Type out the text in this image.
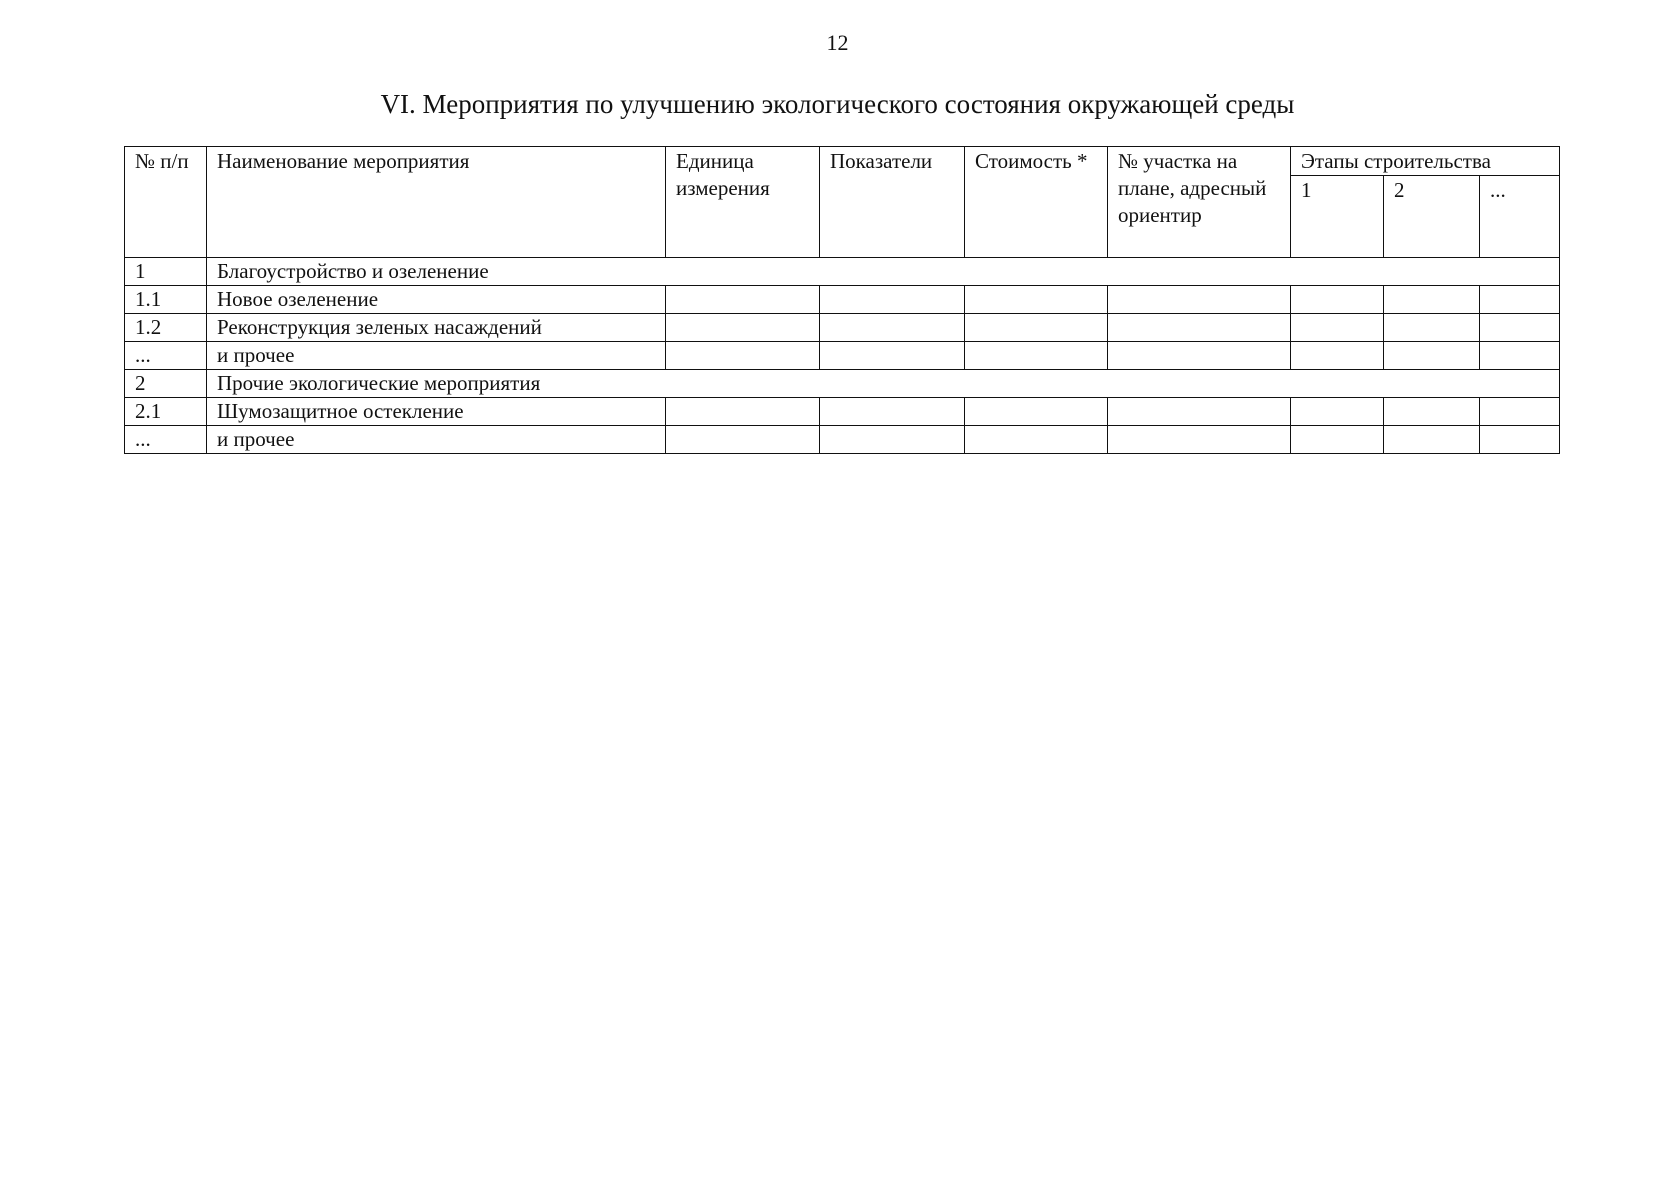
12
VI. Мероприятия по улучшению экологического состояния окружающей среды
№ п/п	Наименование мероприятия	Единица измерения	Показатели	Стоимость *	№ участка на плане, адресный ориентир	Этапы строительства		
						1	2	...
1	Благоустройство и озеленение							
1.1	Новое озеленение							
1.2	Реконструкция зеленых насаждений							
...	и прочее							
2	Прочие экологические мероприятия							
2.1	Шумозащитное остекление							
...	и прочее							
